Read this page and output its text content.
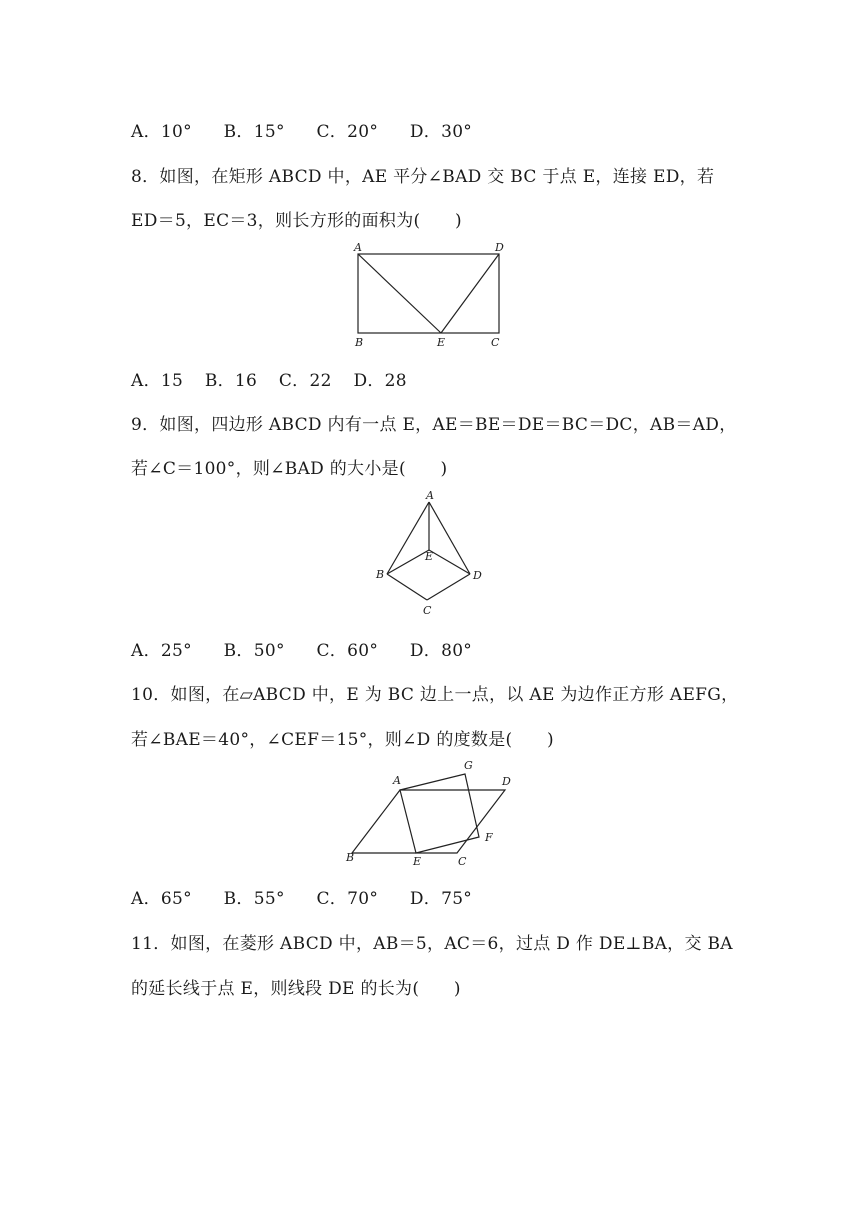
A．10° B．15° C．20° D．30°
8．如图，在矩形 ABCD 中，AE 平分∠BAD 交 BC 于点 E，连接 ED，若
ED＝5，EC＝3，则长方形的面积为(　　)
A	D
B	E	C
A．15 B．16 C．22 D．28
9．如图，四边形 ABCD 内有一点 E，AE＝BE＝DE＝BC＝DC，AB＝AD，
若∠C＝100°，则∠BAD 的大小是(　　)
A
E
B	D
C
A．25° B．50° C．60° D．80°
10．如图，在▱ABCD 中，E 为 BC 边上一点，以 AE 为边作正方形 AEFG，
若∠BAE＝40°，∠CEF＝15°，则∠D 的度数是(　　)
A
G
D
F
B	E	C
A．65° B．55° C．70° D．75°
11．如图，在菱形 ABCD 中，AB＝5，AC＝6，过点 D 作 DE⊥BA，交 BA
的延长线于点 E，则线段 DE 的长为(　　)
